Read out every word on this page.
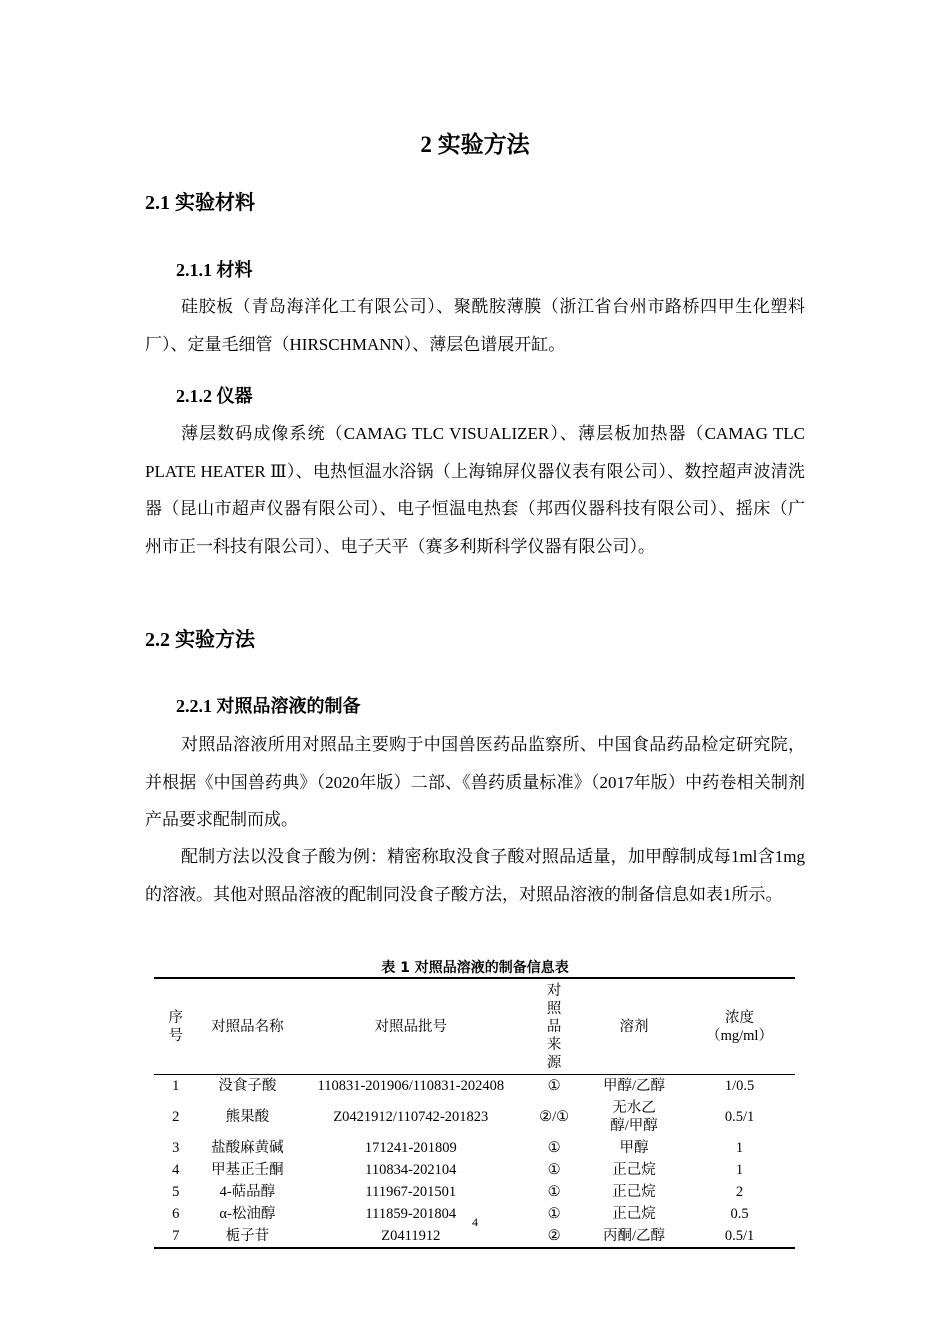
2 实验方法
2.1 实验材料
2.1.1 材料
硅胶板（青岛海洋化工有限公司）、聚酰胺薄膜（浙江省台州市路桥四甲生化塑料厂）、定量毛细管（HIRSCHMANN）、薄层色谱展开缸。
2.1.2 仪器
薄层数码成像系统（CAMAG TLC VISUALIZER）、薄层板加热器（CAMAG TLC PLATE HEATER Ⅲ）、电热恒温水浴锅（上海锦屏仪器仪表有限公司）、数控超声波清洗器（昆山市超声仪器有限公司）、电子恒温电热套（邦西仪器科技有限公司）、摇床（广州市正一科技有限公司）、电子天平（赛多利斯科学仪器有限公司）。
2.2 实验方法
2.2.1 对照品溶液的制备
对照品溶液所用对照品主要购于中国兽医药品监察所、中国食品药品检定研究院，并根据《中国兽药典》（2020年版）二部、《兽药质量标准》（2017年版）中药卷相关制剂产品要求配制而成。
配制方法以没食子酸为例：精密称取没食子酸对照品适量，加甲醇制成每1ml含1mg的溶液。其他对照品溶液的配制同没食子酸方法，对照品溶液的制备信息如表1所示。
表 1 对照品溶液的制备信息表
序号	对照品名称	对照品批号	对照品来源	溶剂	浓度（mg/ml）
1	没食子酸	110831-201906/110831-202408	①	甲醇/乙醇	1/0.5
2	熊果酸	Z0421912/110742-201823	②/①	无水乙醇/甲醇	0.5/1
3	盐酸麻黄碱	171241-201809	①	甲醇	1
4	甲基正壬酮	110834-202104	①	正己烷	1
5	4-萜品醇	111967-201501	①	正己烷	2
6	α-松油醇	111859-201804	①	正己烷	0.5
7	栀子苷	Z0411912	②	丙酮/乙醇	0.5/1
4
